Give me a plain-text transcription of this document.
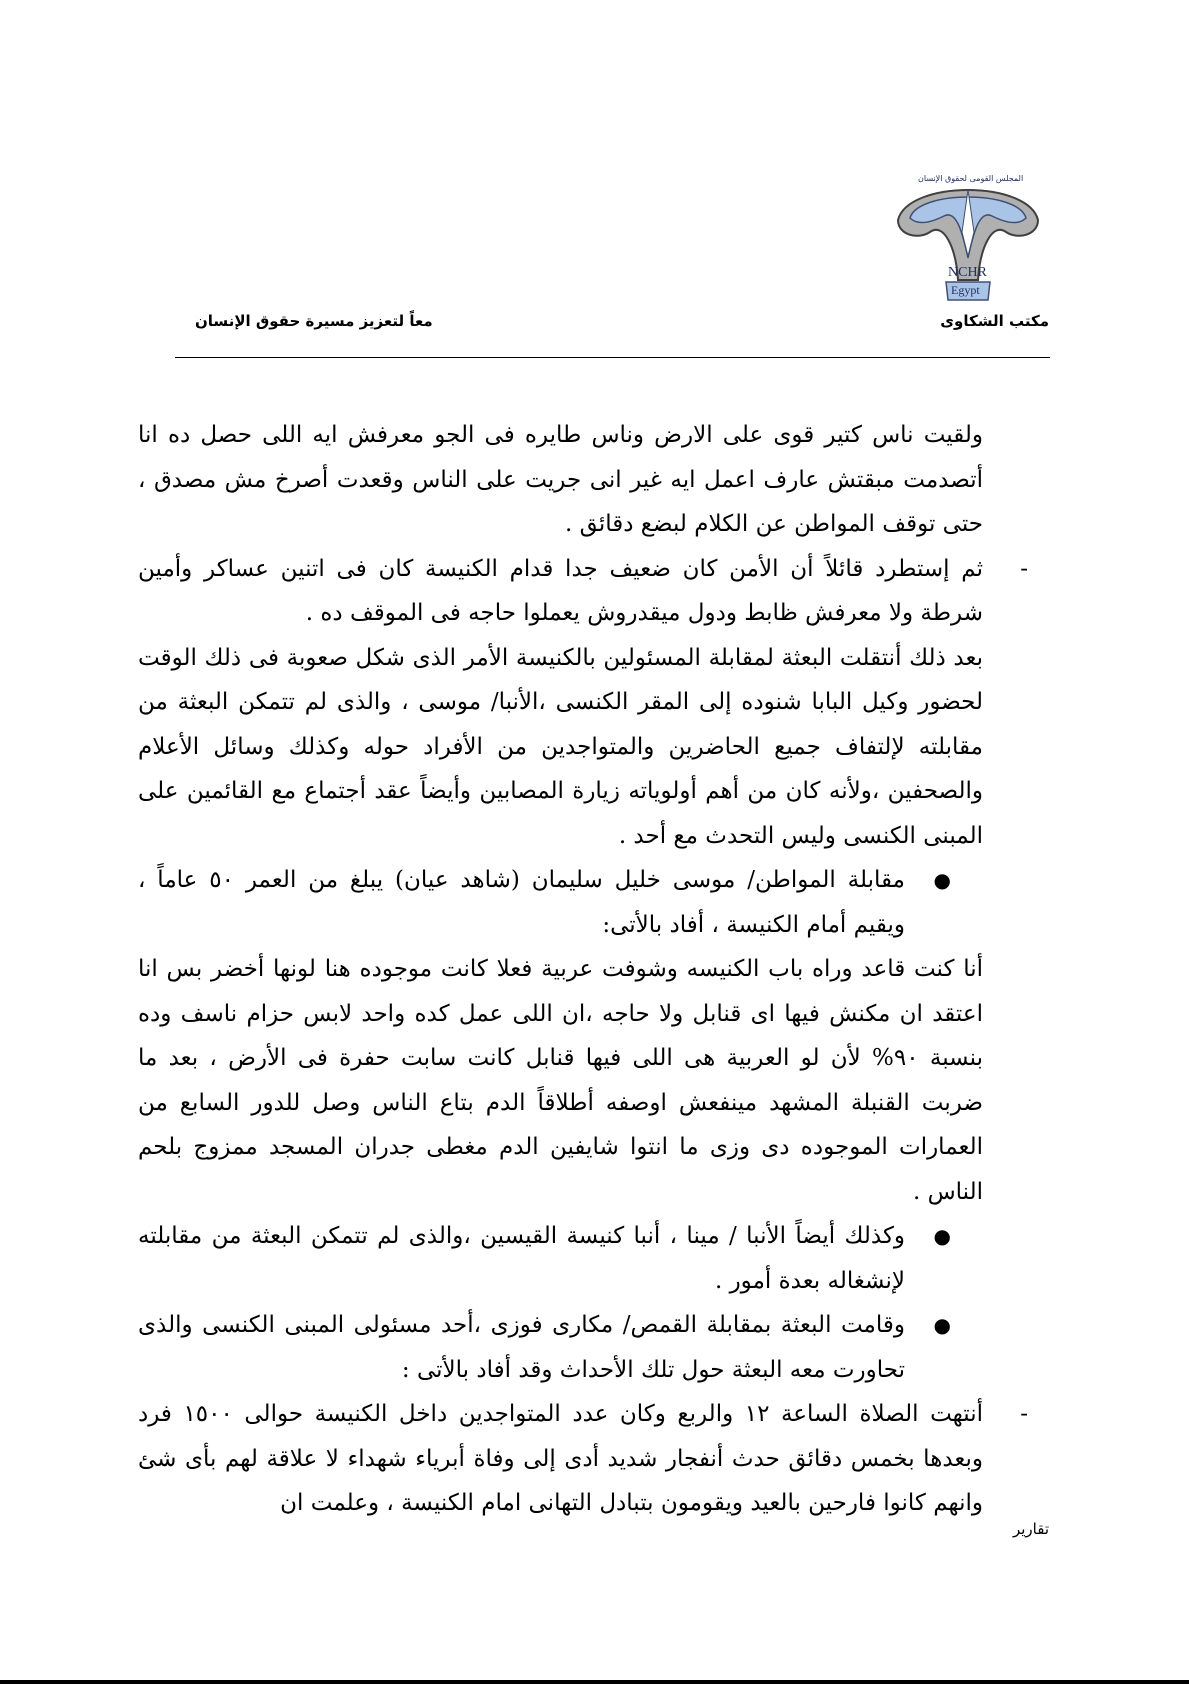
NCHR
Egypt
المجلس القومى لحقوق الإنسان
معاً لتعزيز مسيرة حقوق الإنسان	مكتب الشكاوى

ولقيت ناس كتير قوى على الارض وناس طايره فى الجو معرفش ايه اللى حصل ده انا أتصدمت مبقتش عارف اعمل ايه غير انى جريت على الناس وقعدت أصرخ مش مصدق ، حتى توقف المواطن عن الكلام لبضع دقائق .

-
ثم إستطرد قائلاً أن الأمن كان ضعيف جدا قدام الكنيسة كان فى اتنين عساكر وأمين شرطة ولا معرفش ظابط ودول ميقدروش يعملوا حاجه فى الموقف ده .

بعد ذلك أنتقلت البعثة لمقابلة المسئولين بالكنيسة الأمر الذى شكل صعوبة فى ذلك الوقت لحضور وكيل البابا شنوده إلى المقر الكنسى ،الأنبا/ موسى ، والذى لم تتمكن البعثة من مقابلته لإلتفاف جميع الحاضرين والمتواجدين من الأفراد حوله وكذلك وسائل الأعلام والصحفين ،ولأنه كان من أهم أولوياته زيارة المصابين وأيضاً عقد أجتماع مع القائمين على المبنى الكنسى وليس التحدث مع أحد .

●
مقابلة المواطن/ موسى خليل سليمان (شاهد عيان) يبلغ من العمر ٥٠ عاماً ، ويقيم أمام الكنيسة ، أفاد بالأتى:

أنا كنت قاعد وراه باب الكنيسه وشوفت عربية فعلا كانت موجوده هنا لونها أخضر بس انا اعتقد ان مكنش فيها اى قنابل ولا حاجه ،ان اللى عمل كده واحد لابس حزام ناسف وده بنسبة ٩٠% لأن لو العربية هى اللى فيها قنابل كانت سابت حفرة فى الأرض ، بعد ما ضربت القنبلة المشهد مينفعش اوصفه أطلاقاً الدم بتاع الناس وصل للدور السابع من العمارات الموجوده دى وزى ما انتوا شايفين الدم مغطى جدران المسجد ممزوج بلحم الناس .

●
وكذلك أيضاً الأنبا / مينا ، أنبا كنيسة القيسين ،والذى لم تتمكن البعثة من مقابلته لإنشغاله بعدة أمور .

●
وقامت البعثة بمقابلة القمص/ مكارى فوزى ،أحد مسئولى المبنى الكنسى والذى تحاورت معه البعثة حول تلك الأحداث وقد أفاد بالأتى :

-
أنتهت الصلاة الساعة ١٢ والربع وكان عدد المتواجدين داخل الكنيسة حوالى ١٥٠٠ فرد وبعدها بخمس دقائق حدث أنفجار شديد أدى إلى وفاة أبرياء شهداء لا علاقة لهم بأى شئ وانهم كانوا فارحين بالعيد ويقومون بتبادل التهانى امام الكنيسة ، وعلمت ان

تقارير
